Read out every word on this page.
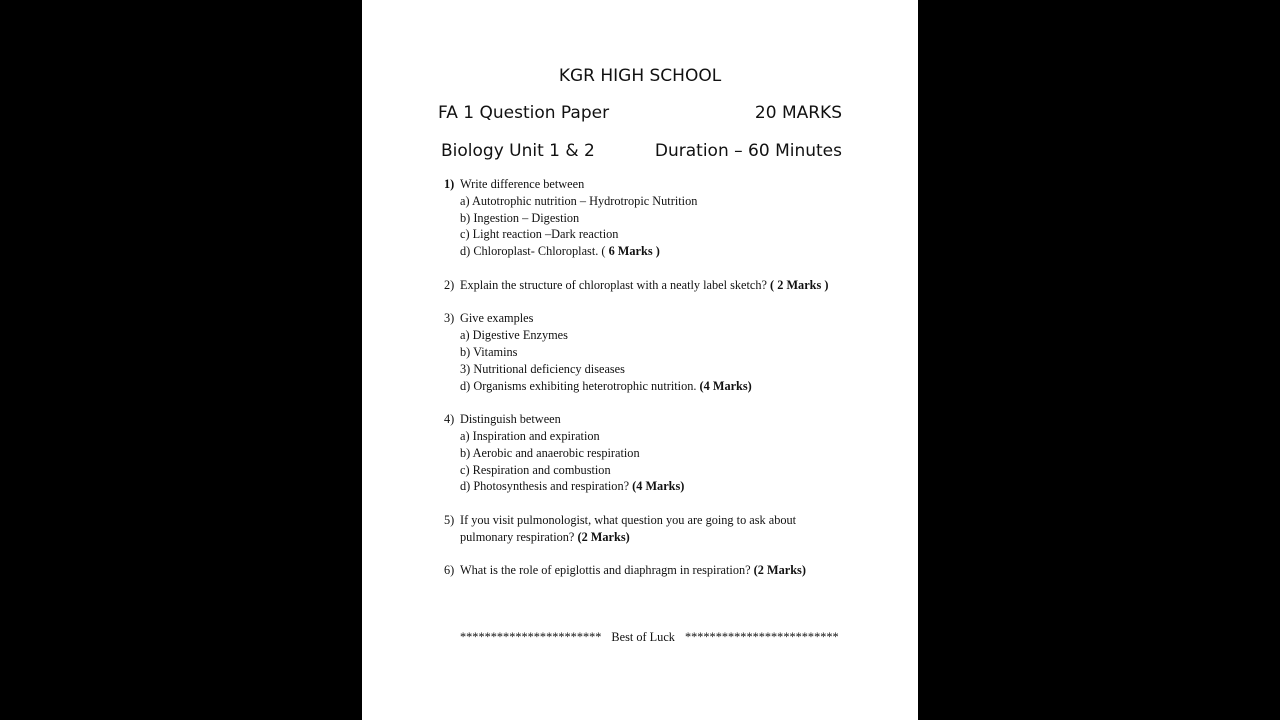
KGR HIGH SCHOOL
FA 1 Question Paper	20 MARKS
Biology Unit 1 & 2	Duration – 60 Minutes
1) Write difference between
a) Autotrophic nutrition – Hydrotropic Nutrition
b) Ingestion – Digestion
c) Light reaction –Dark reaction
d) Chloroplast- Chloroplast. ( 6 Marks )
2) Explain the structure of chloroplast with a neatly label sketch? ( 2 Marks )
3) Give examples
a) Digestive Enzymes
b) Vitamins
3) Nutritional deficiency diseases
d) Organisms exhibiting heterotrophic nutrition. (4 Marks)
4) Distinguish between
a) Inspiration and expiration
b) Aerobic and anaerobic respiration
c) Respiration and combustion
d) Photosynthesis and respiration? (4 Marks)
5) If you visit pulmonologist, what question you are going to ask about
pulmonary respiration? (2 Marks)
6) What is the role of epiglottis and diaphragm in respiration? (2 Marks)
*********************** Best of Luck *************************
